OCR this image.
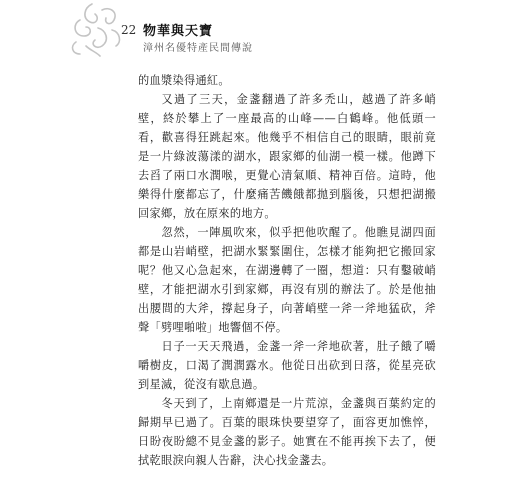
22 物華與天寶
漳州名優特產民間傳說

的血漿染得通紅。

又過了三天，金盞翻過了許多禿山，越過了許多峭壁，終於攀上了一座最高的山峰——白鶴峰。他低頭一看，歡喜得狂跳起來。他幾乎不相信自己的眼睛，眼前竟是一片綠波蕩漾的湖水，跟家鄉的仙湖一模一樣。他蹲下去舀了兩口水潤喉，更覺心清氣順、精神百倍。這時，他樂得什麼都忘了，什麼痛苦饑餓都拋到腦後，只想把湖搬回家鄉，放在原來的地方。

忽然，一陣風吹來，似乎把他吹醒了。他瞧見湖四面都是山岩峭壁，把湖水緊緊圍住，怎樣才能夠把它搬回家呢？他又心急起來，在湖邊轉了一圈，想道：只有鑿破峭壁，才能把湖水引到家鄉，再沒有別的辦法了。於是他抽出腰間的大斧，撐起身子，向著峭壁一斧一斧地猛砍，斧聲「劈哩啪啦」地響個不停。

日子一天天飛過，金盞一斧一斧地砍著，肚子餓了嚼嚼樹皮，口渴了潤潤露水。他從日出砍到日落，從星亮砍到星滅，從沒有歇息過。

冬天到了，上南鄉還是一片荒涼，金盞與百葉約定的歸期早已過了。百葉的眼珠快要望穿了，面容更加憔悴，日盼夜盼總不見金盞的影子。她實在不能再挨下去了，便拭乾眼淚向親人告辭，決心找金盞去。
